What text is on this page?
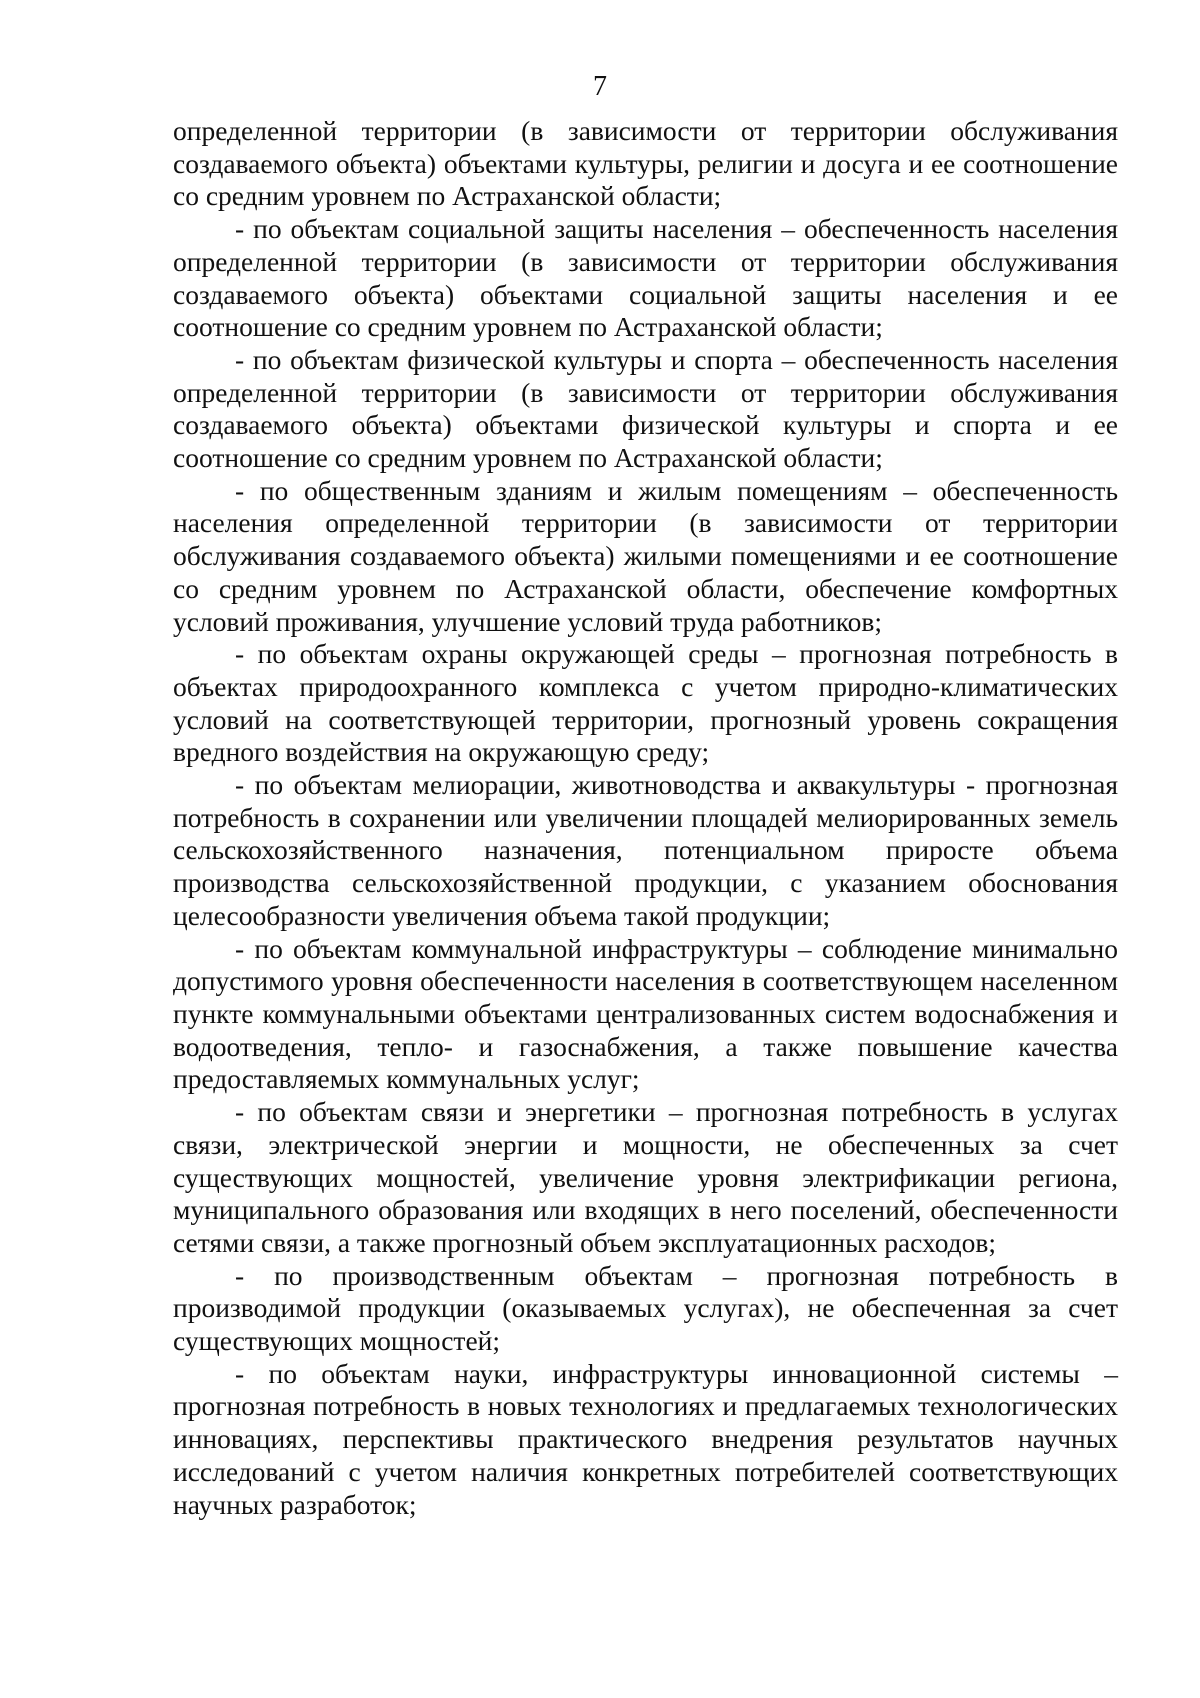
7

определенной территории (в зависимости от территории обслуживания создаваемого объекта) объектами культуры, религии и досуга и ее соотношение со средним уровнем по Астраханской области;

- по объектам социальной защиты населения – обеспеченность населения определенной территории (в зависимости от территории обслуживания создаваемого объекта) объектами социальной защиты населения и ее соотношение со средним уровнем по Астраханской области;

- по объектам физической культуры и спорта – обеспеченность населения определенной территории (в зависимости от территории обслуживания создаваемого объекта) объектами физической культуры и спорта и ее соотношение со средним уровнем по Астраханской области;

- по общественным зданиям и жилым помещениям – обеспеченность населения определенной территории (в зависимости от территории обслуживания создаваемого объекта) жилыми помещениями и ее соотношение со средним уровнем по Астраханской области, обеспечение комфортных условий проживания, улучшение условий труда работников;

- по объектам охраны окружающей среды – прогнозная потребность в объектах природоохранного комплекса с учетом природно-климатических условий на соответствующей территории, прогнозный уровень сокращения вредного воздействия на окружающую среду;

- по объектам мелиорации, животноводства и аквакультуры - прогнозная потребность в сохранении или увеличении площадей мелиорированных земель сельскохозяйственного назначения, потенциальном приросте объема производства сельскохозяйственной продукции, с указанием обоснования целесообразности увеличения объема такой продукции;

- по объектам коммунальной инфраструктуры – соблюдение минимально допустимого уровня обеспеченности населения в соответствующем населенном пункте коммунальными объектами централизованных систем водоснабжения и водоотведения, тепло- и газоснабжения, а также повышение качества предоставляемых коммунальных услуг;

- по объектам связи и энергетики – прогнозная потребность в услугах связи, электрической энергии и мощности, не обеспеченных за счет существующих мощностей, увеличение уровня электрификации региона, муниципального образования или входящих в него поселений, обеспеченности сетями связи, а также прогнозный объем эксплуатационных расходов;

- по производственным объектам – прогнозная потребность в производимой продукции (оказываемых услугах), не обеспеченная за счет существующих мощностей;

- по объектам науки, инфраструктуры инновационной системы – прогнозная потребность в новых технологиях и предлагаемых технологических инновациях, перспективы практического внедрения результатов научных исследований с учетом наличия конкретных потребителей соответствующих научных разработок;
